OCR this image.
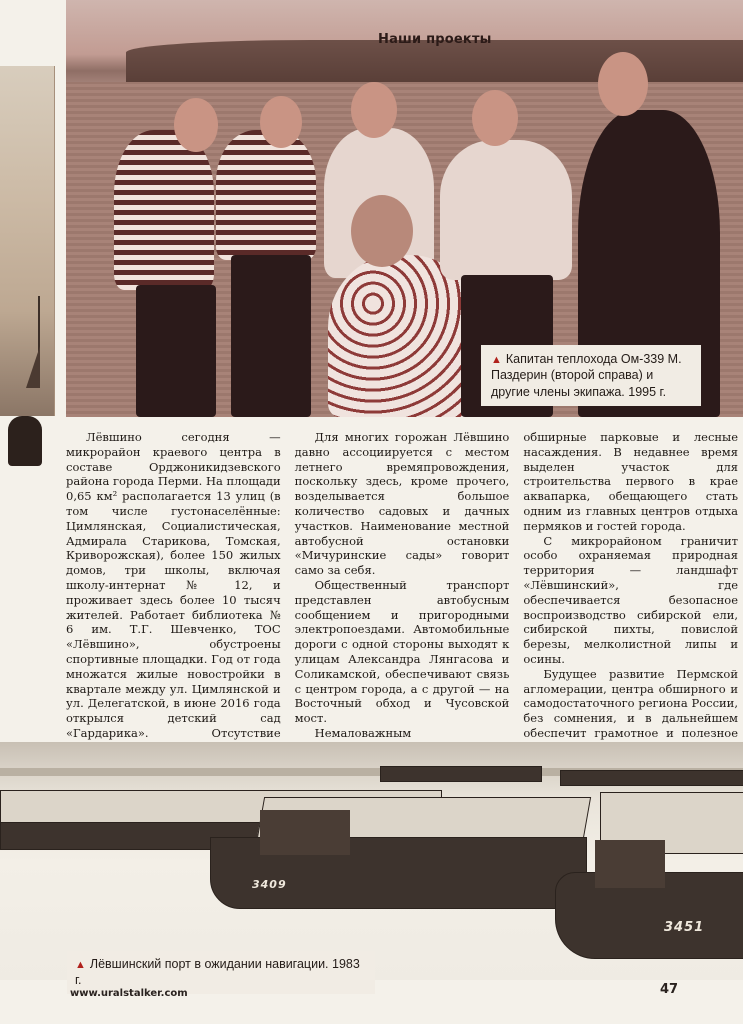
Наши проекты
▲ Капитан теплохода Ом-339 М. Паздерин (второй справа) и другие члены экипажа. 1995 г.

Лёвшино сегодня — микрорайон краевого центра в составе Орджоникидзевского района города Перми. На площади 0,65 км² располагается 13 улиц (в том числе густонаселённые: Цимлянская, Социалистическая, Адмирала Старикова, Томская, Криворожская), более 150 жилых домов, три школы, включая школу-интернат № 12, и проживает здесь более 10 тысяч жителей. Работает библиотека № 6 им. Т.Г. Шевченко, ТОС «Лёвшино», обустроены спортивные площадки. Год от года множатся жилые новостройки в квартале между ул. Цимлянской и ул. Делегатской, в июне 2016 года открылся детский сад «Гардарика». Отсутствие

Для многих горожан Лёвшино давно ассоциируется с местом летнего времяпровождения, поскольку здесь, кроме прочего, возделывается большое количество садовых и дачных участков. Наименование местной автобусной остановки «Мичуринские сады» говорит само за себя.

Общественный транспорт представлен автобусным сообщением и пригородными электропоездами. Автомобильные дороги с одной стороны выходят к улицам Александра Лянгасова и Соликамской, обеспечивают связь с центром города, а с другой — на Восточный обход и Чусовской мост.

Немаловажным

обширные парковые и лесные насаждения. В недавнее время выделен участок для строительства первого в крае аквапарка, обещающего стать одним из главных центров отдыха пермяков и гостей города.

С микрорайоном граничит особо охраняемая природная территория — ландшафт «Лёвшинский», где обеспечивается безопасное воспроизводство сибирской ели, сибирской пихты, повислой березы, мелколистной липы и осины.

Будущее развитие Пермской агломерации, центра обширного и самодостаточного региона России, без сомнения, и в дальнейшем обеспечит грамотное и полезное

3409
3451
▲ Лёвшинский порт в ожидании навигации. 1983 г.
www.uralstalker.com	47
